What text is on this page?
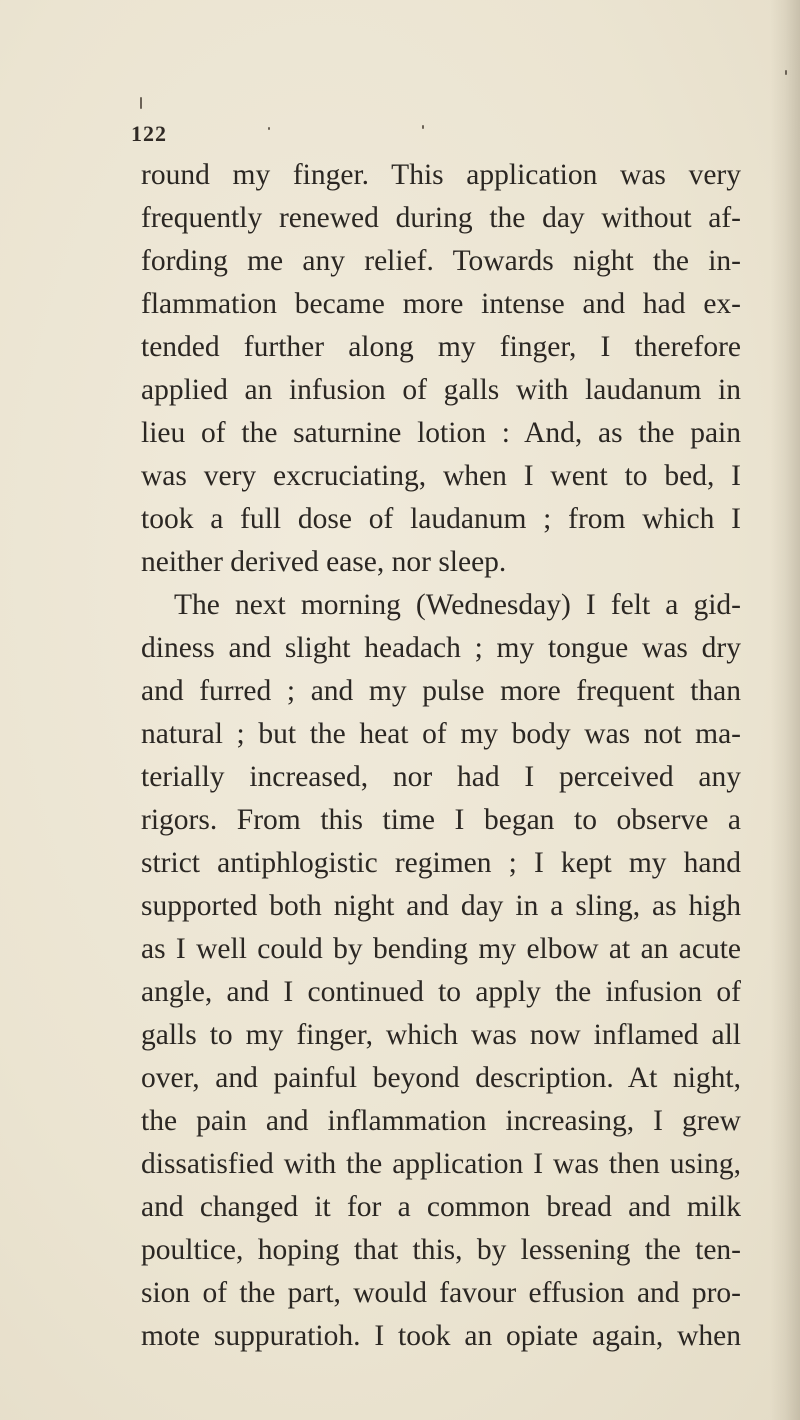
122
round my finger. This application was very
frequently renewed during the day without af-
fording me any relief. Towards night the in-
flammation became more intense and had ex-
tended further along my finger, I therefore
applied an infusion of galls with laudanum in
lieu of the saturnine lotion : And, as the pain
was very excruciating, when I went to bed, I
took a full dose of laudanum ; from which I
neither derived ease, nor sleep.
The next morning (Wednesday) I felt a gid-
diness and slight headach ; my tongue was dry
and furred ; and my pulse more frequent than
natural ; but the heat of my body was not ma-
terially increased, nor had I perceived any
rigors. From this time I began to observe a
strict antiphlogistic regimen ; I kept my hand
supported both night and day in a sling, as high
as I well could by bending my elbow at an acute
angle, and I continued to apply the infusion of
galls to my finger, which was now inflamed all
over, and painful beyond description. At night,
the pain and inflammation increasing, I grew
dissatisfied with the application I was then using,
and changed it for a common bread and milk
poultice, hoping that this, by lessening the ten-
sion of the part, would favour effusion and pro-
mote suppuratioh. I took an opiate again, when
